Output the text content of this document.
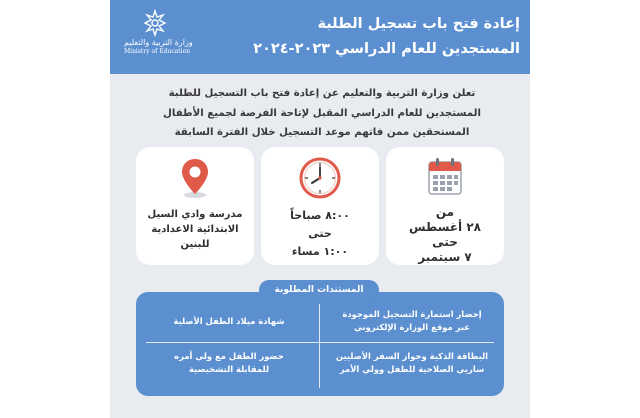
وزارة التربية والتعليم
Ministry of Education
إعادة فتح باب تسجيل الطلبة
المستجدين للعام الدراسي ٢٠٢٣-٢٠٢٤
تعلن وزارة التربية والتعليم عن إعادة فتح باب التسجيل للطلبة
المستجدين للعام الدراسي المقبل لإتاحة الفرصة لجميع الأطفال
المستحقين ممن فاتهم موعد التسجيل خلال الفترة السابقة
من
٢٨ أغسطس
حتى
٧ سبتمبر
٨:٠٠ صباحاً
حتى
١:٠٠ مساء
مدرسة وادي السيل
الابتدائية الاعدادية
للبنين
المستندات المطلوبة
إحضار استمارة التسجيل الموجودة
عبر موقع الوزارة الإلكتروني
شهادة ميلاد الطفل الأصلية
البطاقة الذكية وجواز السفر الأصليين
ساريي الصلاحية للطفل وولي الأمر
حضور الطفل مع ولي أمره
للمقابلة التشخيصية
